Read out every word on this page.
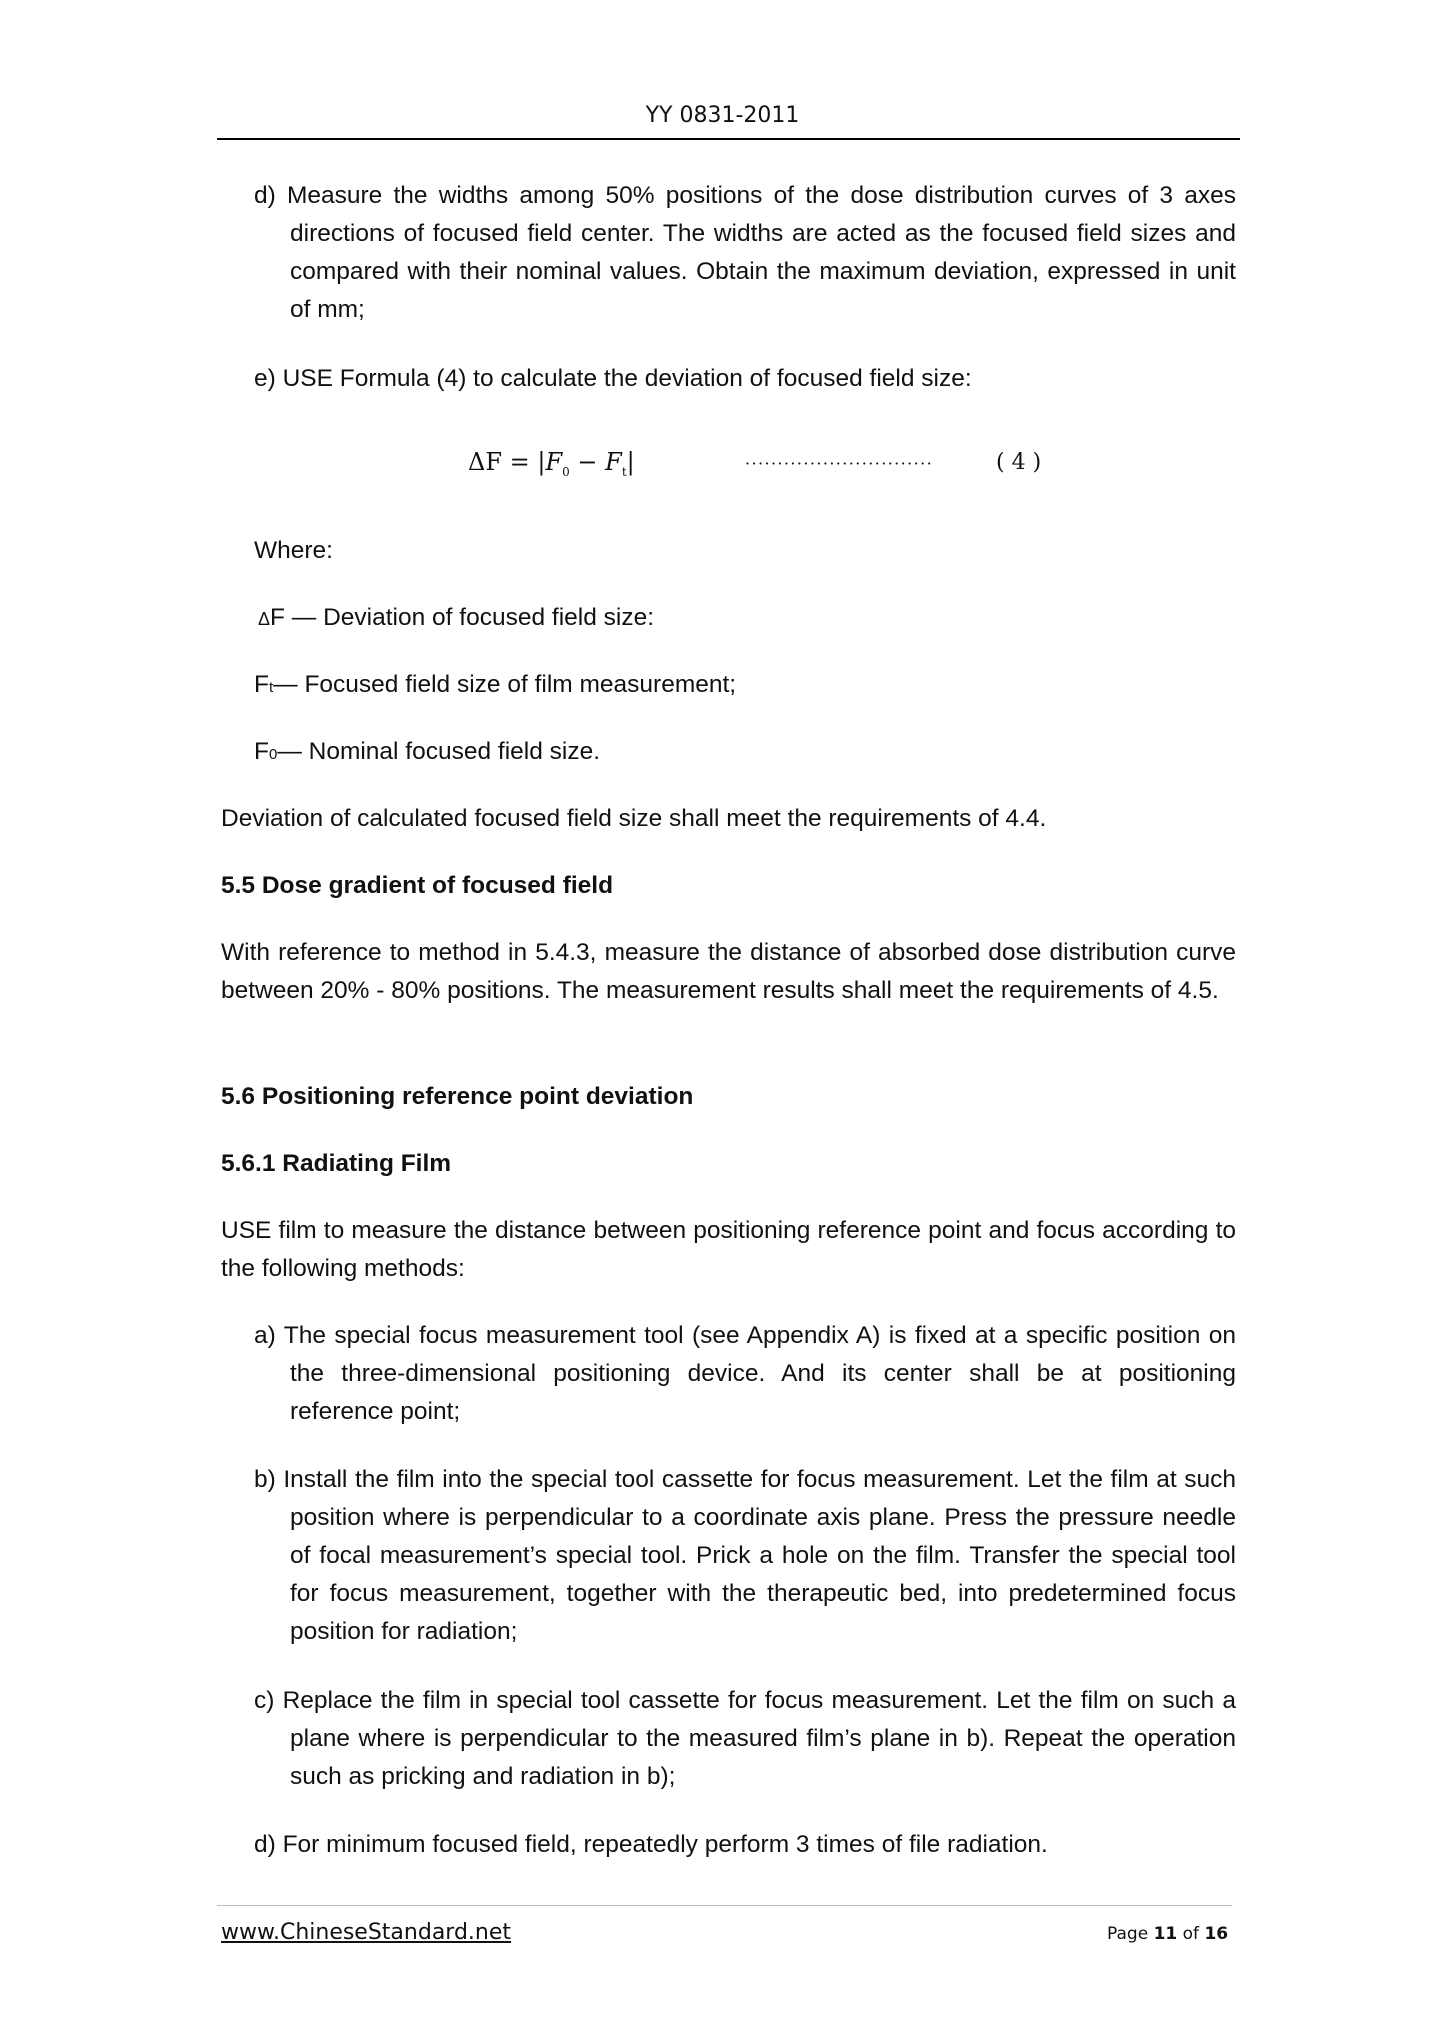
YY 0831-2011
d) Measure the widths among 50% positions of the dose distribution curves of 3 axes directions of focused field center. The widths are acted as the focused field sizes and compared with their nominal values. Obtain the maximum deviation, expressed in unit of mm;
e) USE Formula (4) to calculate the deviation of focused field size:
$\Delta F = |F_0 - F_t|$	·····························	( 4 )
Where:
ΔF — Deviation of focused field size:
Ft— Focused field size of film measurement;
F0— Nominal focused field size.
Deviation of calculated focused field size shall meet the requirements of 4.4.
5.5 Dose gradient of focused field
With reference to method in 5.4.3, measure the distance of absorbed dose distribution curve between 20% - 80% positions. The measurement results shall meet the requirements of 4.5.
5.6 Positioning reference point deviation
5.6.1 Radiating Film
USE film to measure the distance between positioning reference point and focus according to the following methods:
a) The special focus measurement tool (see Appendix A) is fixed at a specific position on the three-dimensional positioning device. And its center shall be at positioning reference point;
b) Install the film into the special tool cassette for focus measurement. Let the film at such position where is perpendicular to a coordinate axis plane. Press the pressure needle of focal measurement’s special tool. Prick a hole on the film. Transfer the special tool for focus measurement, together with the therapeutic bed, into predetermined focus position for radiation;
c) Replace the film in special tool cassette for focus measurement. Let the film on such a plane where is perpendicular to the measured film’s plane in b). Repeat the operation such as pricking and radiation in b);
d) For minimum focused field, repeatedly perform 3 times of file radiation.
www.ChineseStandard.net	Page 11 of 16
